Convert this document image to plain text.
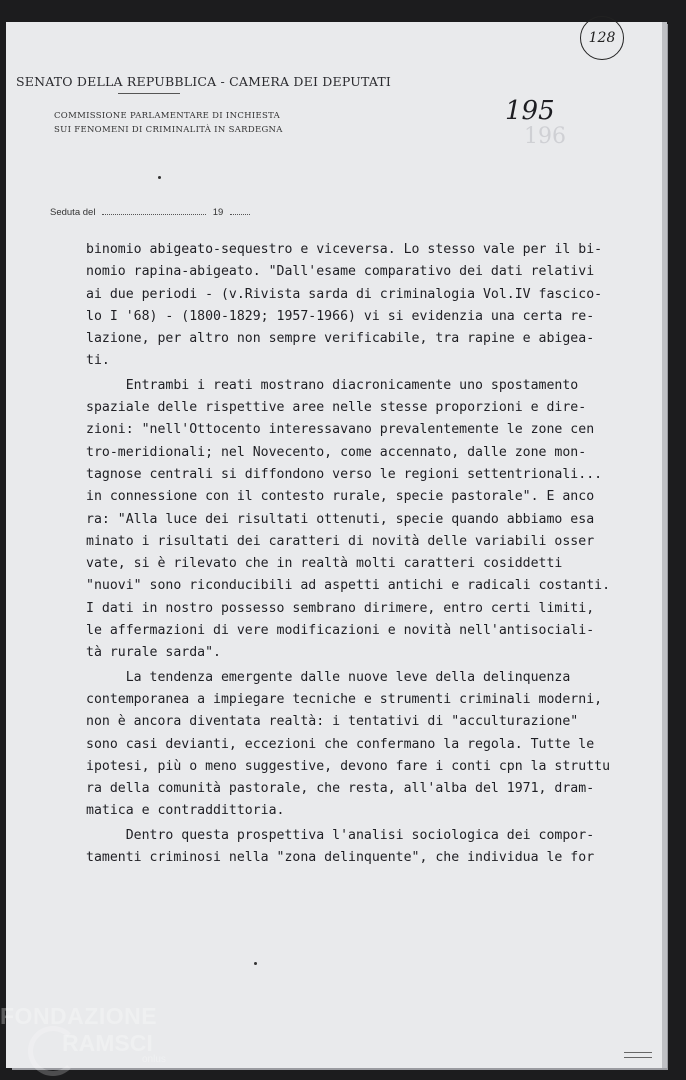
128
SENATO DELLA REPUBBLICA - CAMERA DEI DEPUTATI
COMMISSIONE PARLAMENTARE DI INCHIESTA
SUI FENOMENI DI CRIMINALITÀ IN SARDEGNA
195
196
Seduta del	19
binomio abigeato-sequestro e viceversa. Lo stesso vale per il bi-
nomio rapina-abigeato. "Dall'esame comparativo dei dati relativi
ai due periodi - (v.Rivista sarda di criminalogia Vol.IV fascico-
lo I '68) - (1800-1829; 1957-1966) vi si evidenzia una certa re-
lazione, per altro non sempre verificabile, tra rapine e abigea-
ti.
Entrambi i reati mostrano diacronicamente uno spostamento
spaziale delle rispettive aree nelle stesse proporzioni e dire-
zioni: "nell'Ottocento interessavano prevalentemente le zone cen
tro-meridionali; nel Novecento, come accennato, dalle zone mon-
tagnose centrali si diffondono verso le regioni settentrionali...
in connessione con il contesto rurale, specie pastorale". E anco
ra: "Alla luce dei risultati ottenuti, specie quando abbiamo esa
minato i risultati dei caratteri di novità delle variabili osser
vate, si è rilevato che in realtà molti caratteri cosiddetti
"nuovi" sono riconducibili ad aspetti antichi e radicali costanti.
I dati in nostro possesso sembrano dirimere, entro certi limiti,
le affermazioni di vere modificazioni e novità nell'antisociali-
tà rurale sarda".
La tendenza emergente dalle nuove leve della delinquenza
contemporanea a impiegare tecniche e strumenti criminali moderni,
non è ancora diventata realtà: i tentativi di "acculturazione"
sono casi devianti, eccezioni che confermano la regola. Tutte le
ipotesi, più o meno suggestive, devono fare i conti cpn la struttu
ra della comunità pastorale, che resta, all'alba del 1971, dram-
matica e contraddittoria.
Dentro questa prospettiva l'analisi sociologica dei compor-
tamenti criminosi nella "zona delinquente", che individua le for
FONDAZIONE
RAMSCI
onlus
